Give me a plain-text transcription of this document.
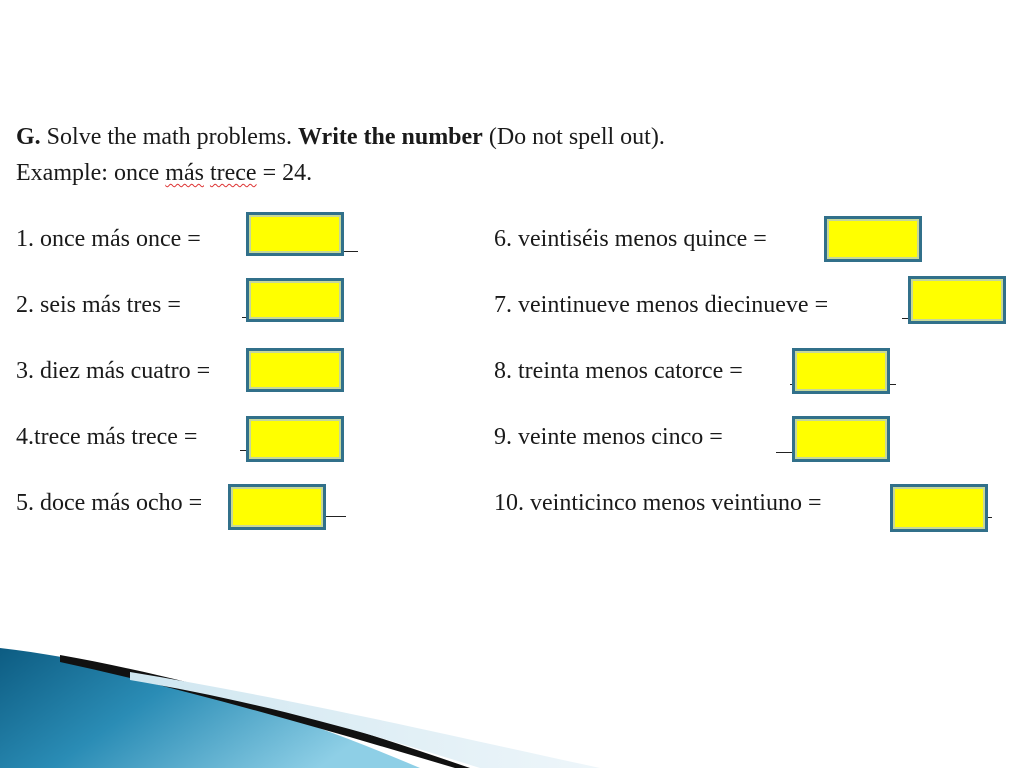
G. Solve the math problems. Write the number (Do not spell out).
Example: once más trece = 24.
1. once más once =
2. seis más tres =
3. diez más cuatro =
4.trece más trece =
5. doce más ocho =
6. veintiséis menos quince =
7. veintinueve menos diecinueve =
8. treinta menos catorce =
9. veinte menos cinco =
10. veinticinco menos veintiuno =
